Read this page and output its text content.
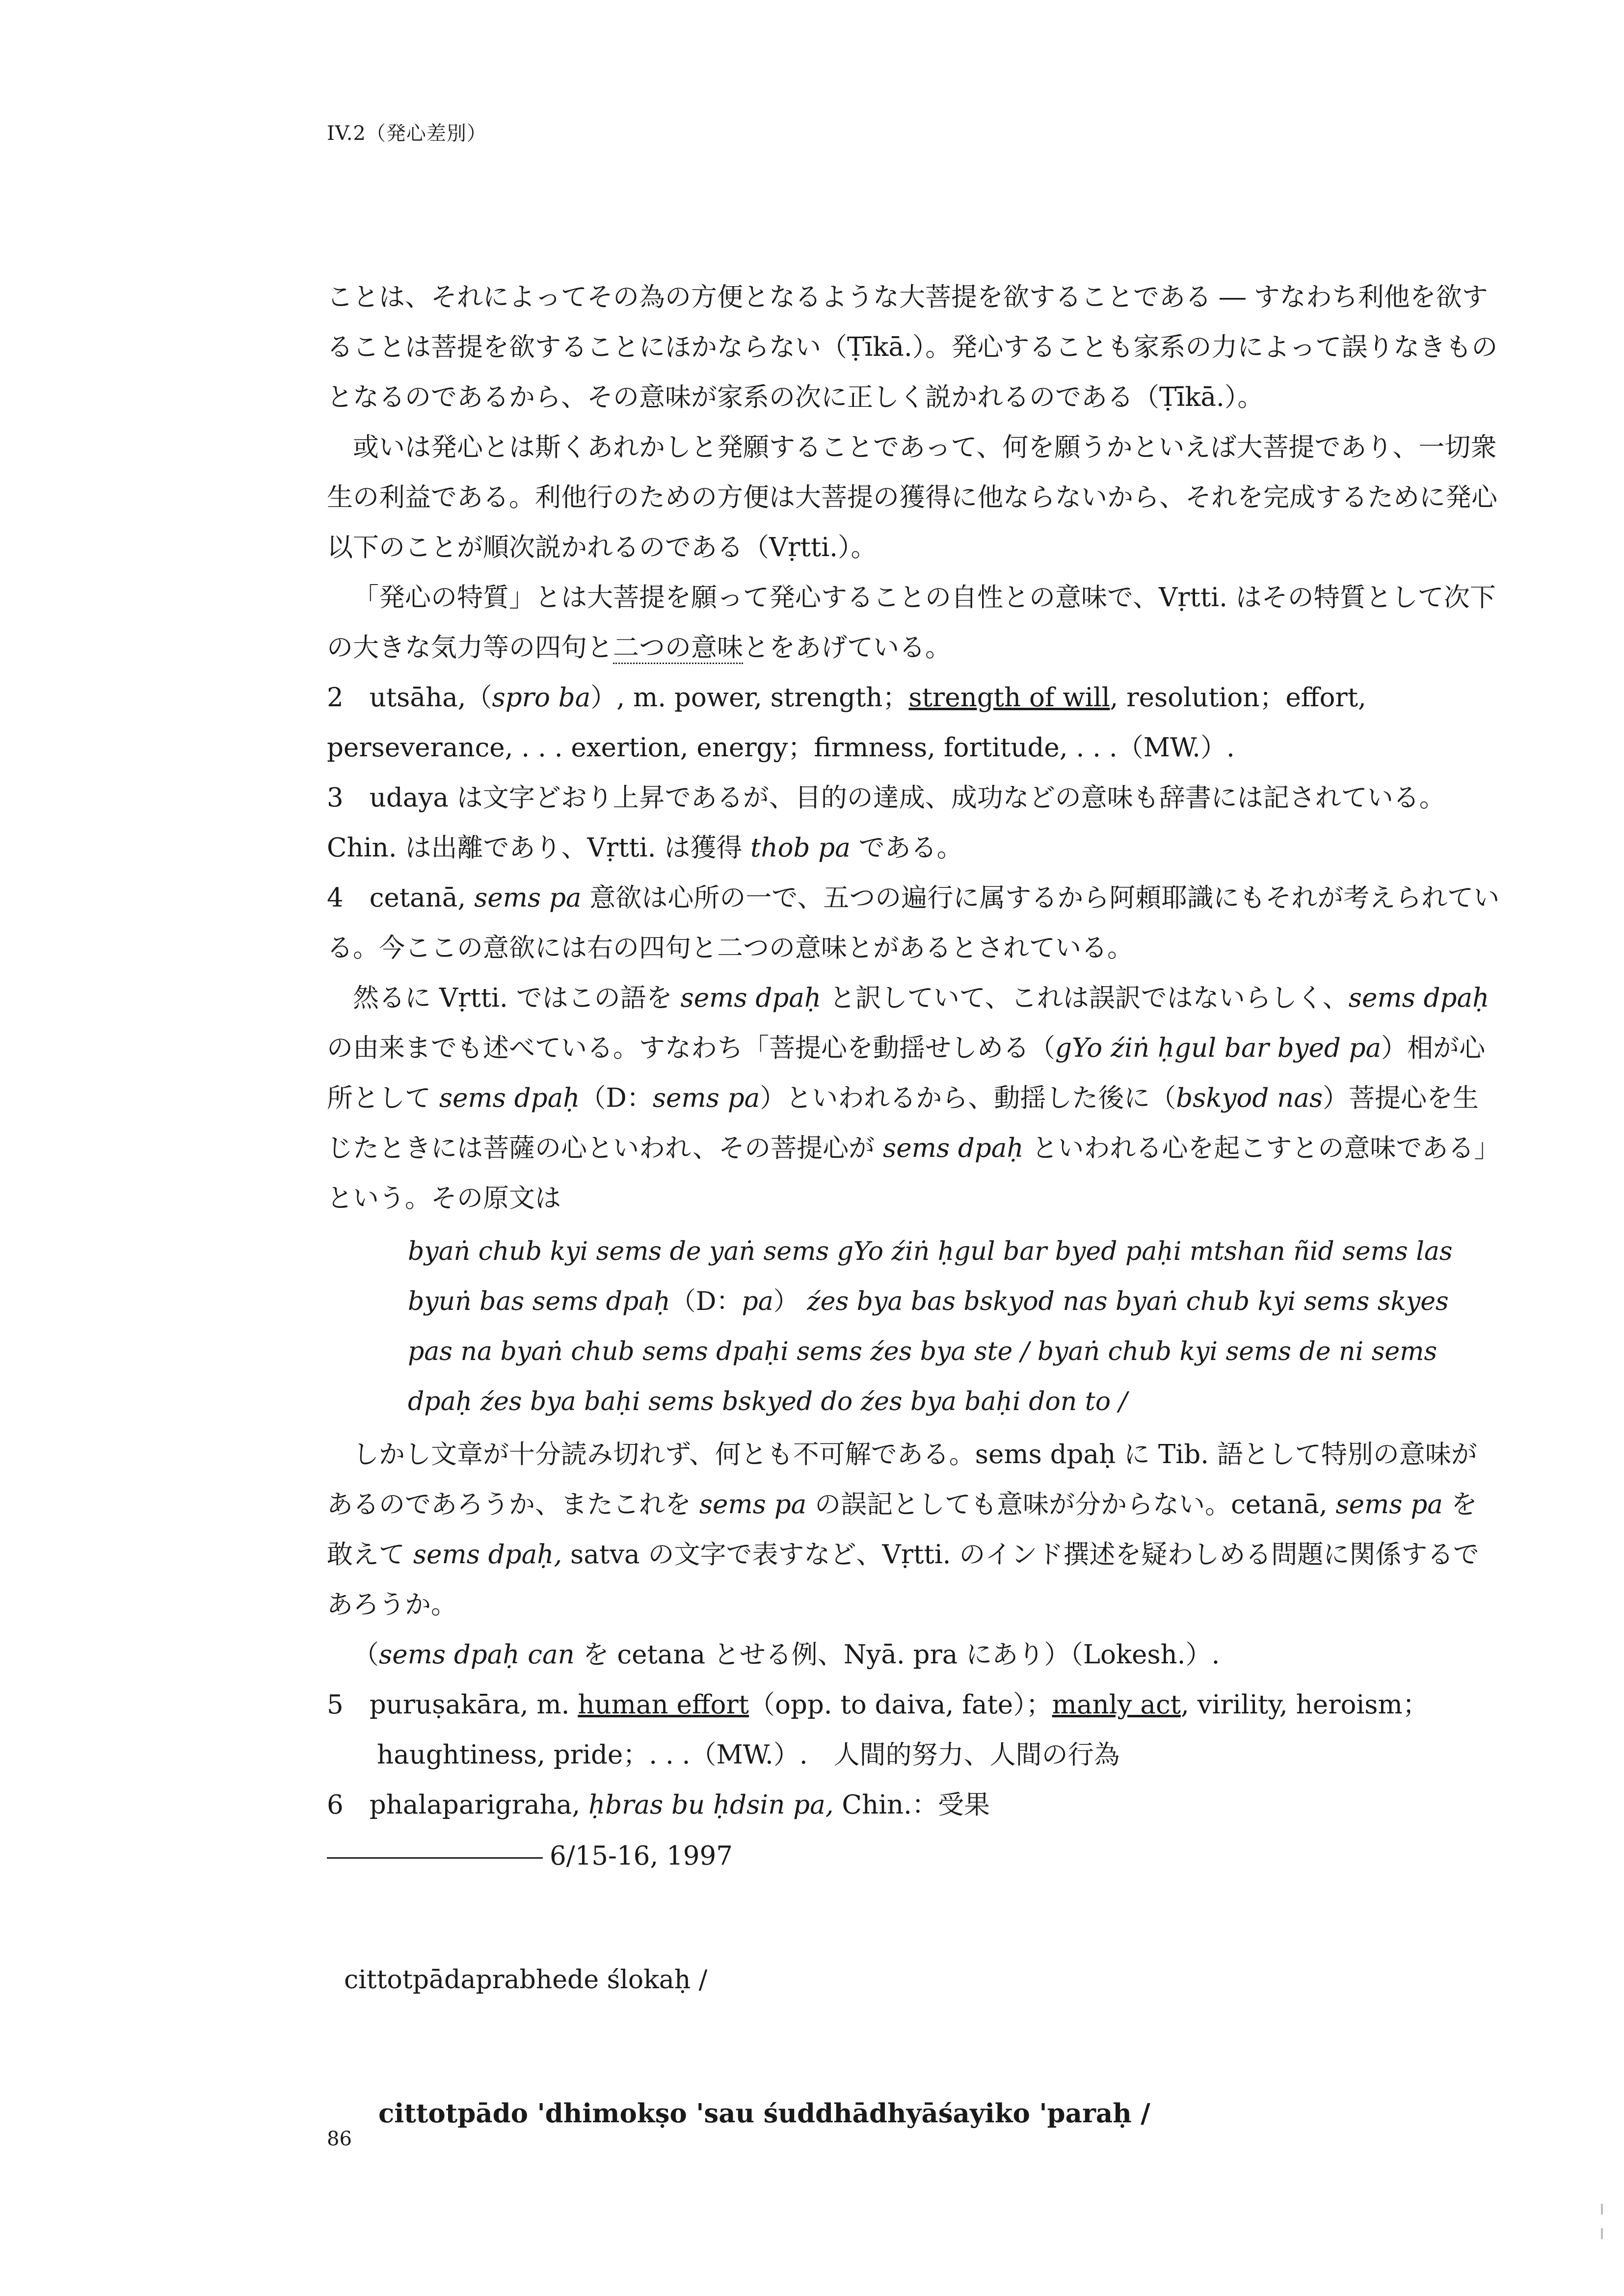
IV.2（発心差別）

ことは、それによってその為の方便となるような大菩提を欲することである ― すなわち利他を欲することは菩提を欲することにほかならない（Ṭīkā.）。発心することも家系の力によって誤りなきものとなるのであるから、その意味が家系の次に正しく説かれるのである（Ṭīkā.）。

或いは発心とは斯くあれかしと発願することであって、何を願うかといえば大菩提であり、一切衆生の利益である。利他行のための方便は大菩提の獲得に他ならないから、それを完成するために発心以下のことが順次説かれるのである（Vṛtti.）。

「発心の特質」とは大菩提を願って発心することの自性との意味で、Vṛtti. はその特質として次下の大きな気力等の四句と二つの意味とをあげている。

2　utsāha,（spro ba）, m. power, strength；strength of will, resolution；effort, perseverance, . . . exertion, energy；firmness, fortitude, . . .（MW.）.

3　udaya は文字どおり上昇であるが、目的の達成、成功などの意味も辞書には記されている。Chin. は出離であり、Vṛtti. は獲得 thob pa である。

4　cetanā, sems pa 意欲は心所の一で、五つの遍行に属するから阿頼耶識にもそれが考えられている。今ここの意欲には右の四句と二つの意味とがあるとされている。

然るに Vṛtti. ではこの語を sems dpaḥ と訳していて、これは誤訳ではないらしく、sems dpaḥ の由来までも述べている。すなわち「菩提心を動揺せしめる（gYo źiṅ ḥgul bar byed pa）相が心所として sems dpaḥ（D：sems pa）といわれるから、動揺した後に（bskyod nas）菩提心を生じたときには菩薩の心といわれ、その菩提心が sems dpaḥ といわれる心を起こすとの意味である」という。その原文は

byaṅ chub kyi sems de yaṅ sems gYo źiṅ ḥgul bar byed paḥi mtshan ñid sems las byuṅ bas sems dpaḥ（D：pa） źes bya bas bskyod nas byaṅ chub kyi sems skyes pas na byaṅ chub sems dpaḥi sems źes bya ste / byaṅ chub kyi sems de ni sems dpaḥ źes bya baḥi sems bskyed do źes bya baḥi don to /

しかし文章が十分読み切れず、何とも不可解である。sems dpaḥ に Tib. 語として特別の意味があるのであろうか、またこれを sems pa の誤記としても意味が分からない。cetanā, sems pa を敢えて sems dpaḥ, satva の文字で表すなど、Vṛtti. のインド撰述を疑わしめる問題に関係するであろうか。

（sems dpaḥ can を cetana とせる例、Nyā. pra にあり）（Lokesh.）.

5　puruṣakāra, m. human effort（opp. to daiva, fate）；manly act, virility, heroism；haughtiness, pride；. . .（MW.）.　人間的努力、人間の行為

6　phalaparigraha, ḥbras bu ḥdsin pa, Chin.：受果

6/15-16, 1997

cittotpādaprabhede ślokaḥ /

cittotpādo 'dhimokṣo 'sau śuddhādhyāśayiko 'paraḥ /

86
